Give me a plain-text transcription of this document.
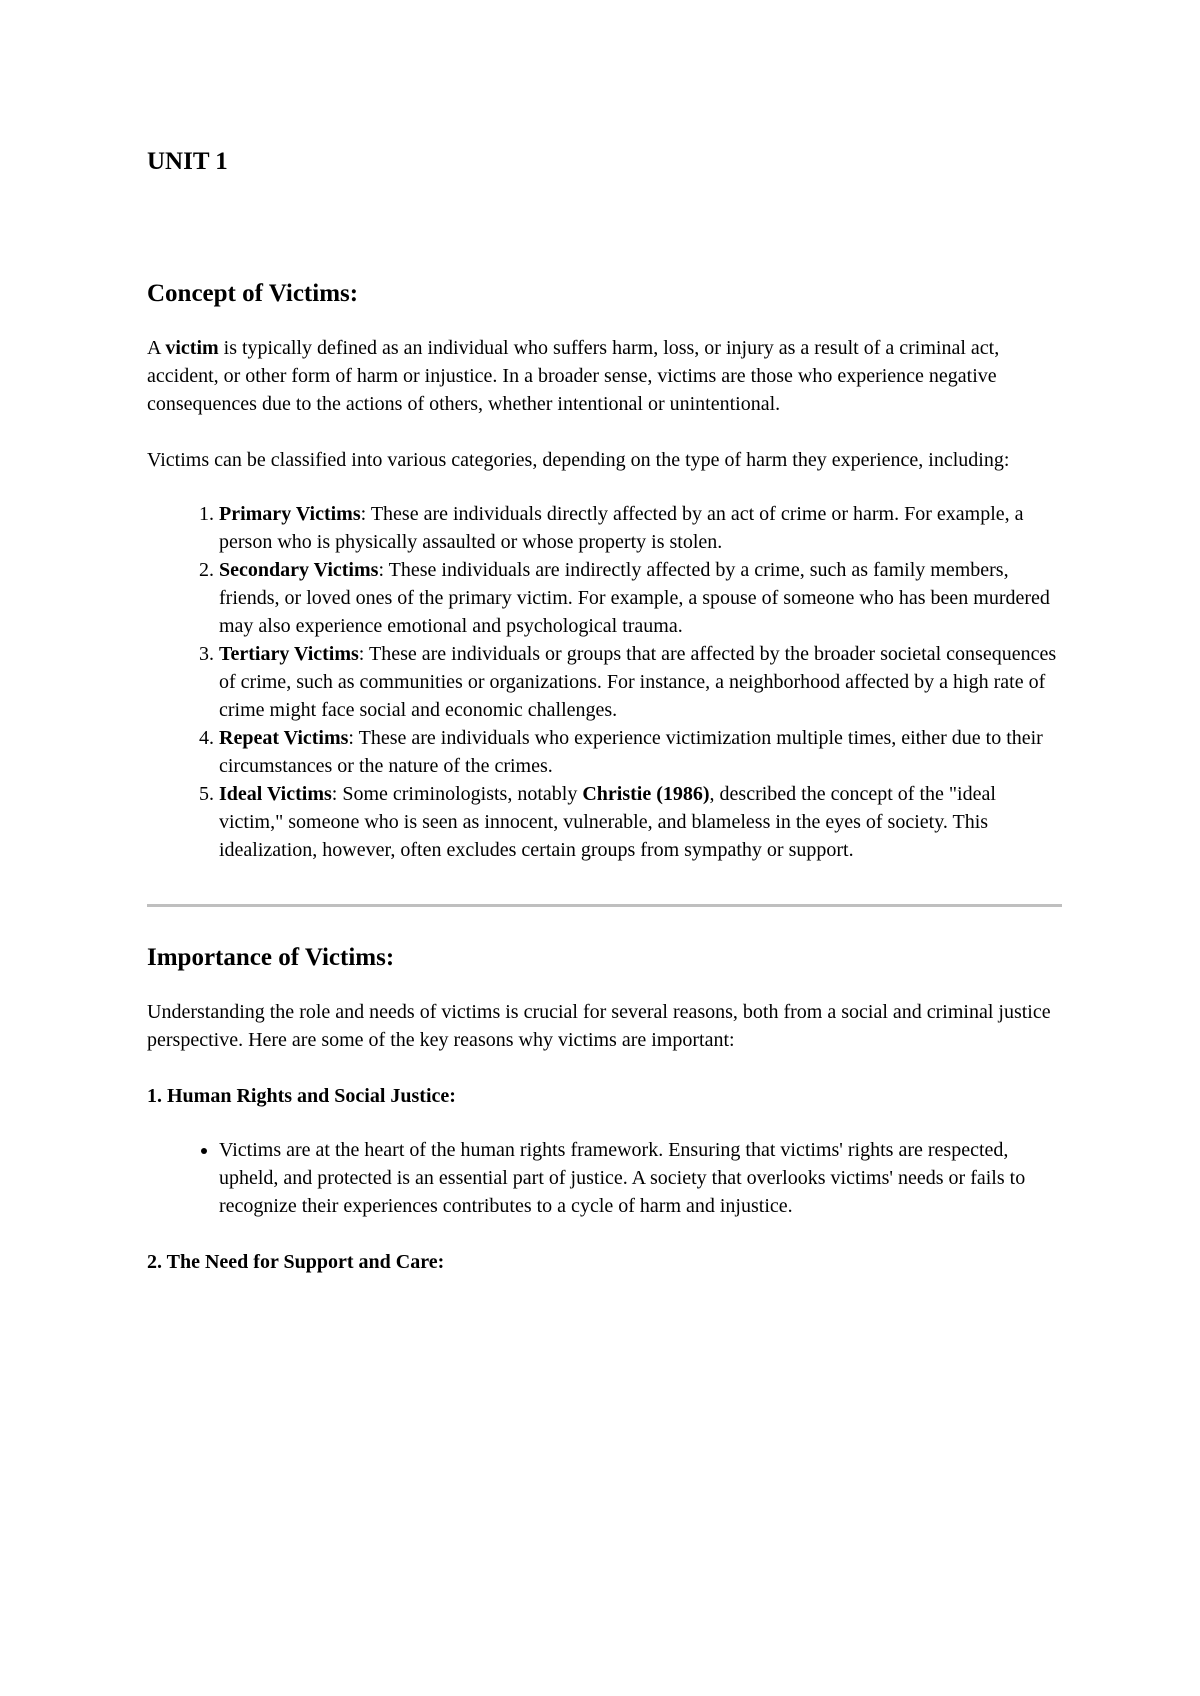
UNIT 1
Concept of Victims:

A victim is typically defined as an individual who suffers harm, loss, or injury as a result of a criminal act, accident, or other form of harm or injustice. In a broader sense, victims are those who experience negative consequences due to the actions of others, whether intentional or unintentional.

Victims can be classified into various categories, depending on the type of harm they experience, including:

1. Primary Victims: These are individuals directly affected by an act of crime or harm. For example, a person who is physically assaulted or whose property is stolen.
2. Secondary Victims: These individuals are indirectly affected by a crime, such as family members, friends, or loved ones of the primary victim. For example, a spouse of someone who has been murdered may also experience emotional and psychological trauma.
3. Tertiary Victims: These are individuals or groups that are affected by the broader societal consequences of crime, such as communities or organizations. For instance, a neighborhood affected by a high rate of crime might face social and economic challenges.
4. Repeat Victims: These are individuals who experience victimization multiple times, either due to their circumstances or the nature of the crimes.
5. Ideal Victims: Some criminologists, notably Christie (1986), described the concept of the "ideal victim," someone who is seen as innocent, vulnerable, and blameless in the eyes of society. This idealization, however, often excludes certain groups from sympathy or support.
Importance of Victims:

Understanding the role and needs of victims is crucial for several reasons, both from a social and criminal justice perspective. Here are some of the key reasons why victims are important:

1. Human Rights and Social Justice:
• Victims are at the heart of the human rights framework. Ensuring that victims' rights are respected, upheld, and protected is an essential part of justice. A society that overlooks victims' needs or fails to recognize their experiences contributes to a cycle of harm and injustice.
2. The Need for Support and Care:
